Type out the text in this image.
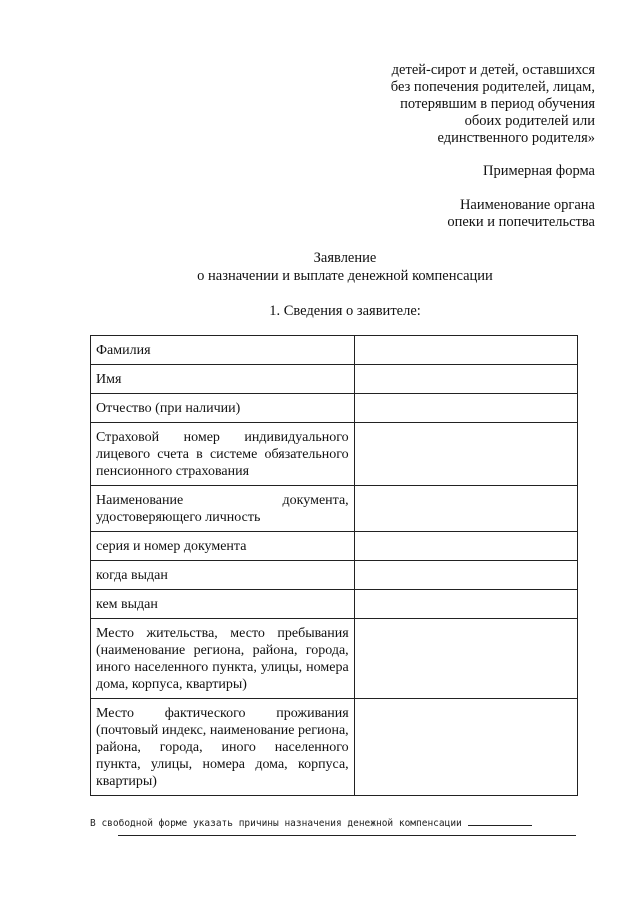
детей-сирот и детей, оставшихся
без попечения родителей, лицам,
потерявшим в период обучения
обоих родителей или
единственного родителя»
Примерная форма
Наименование органа
опеки и попечительства
Заявление
о назначении и выплате денежной компенсации
1. Сведения о заявителе:
Фамилия	
Имя	
Отчество (при наличии)	
Страховой номер индивидуального лицевого счета в системе обязательного пенсионного страхования	
Наименование документа, удостоверяющего личность	
серия и номер документа	
когда выдан	
кем выдан	
Место жительства, место пребывания (наименование региона, района, города, иного населенного пункта, улицы, номера дома, корпуса, квартиры)	
Место фактического проживания (почтовый индекс, наименование региона, района, города, иного населенного пункта, улицы, номера дома, корпуса, квартиры)	
В свободной форме указать причины назначения денежной компенсации
